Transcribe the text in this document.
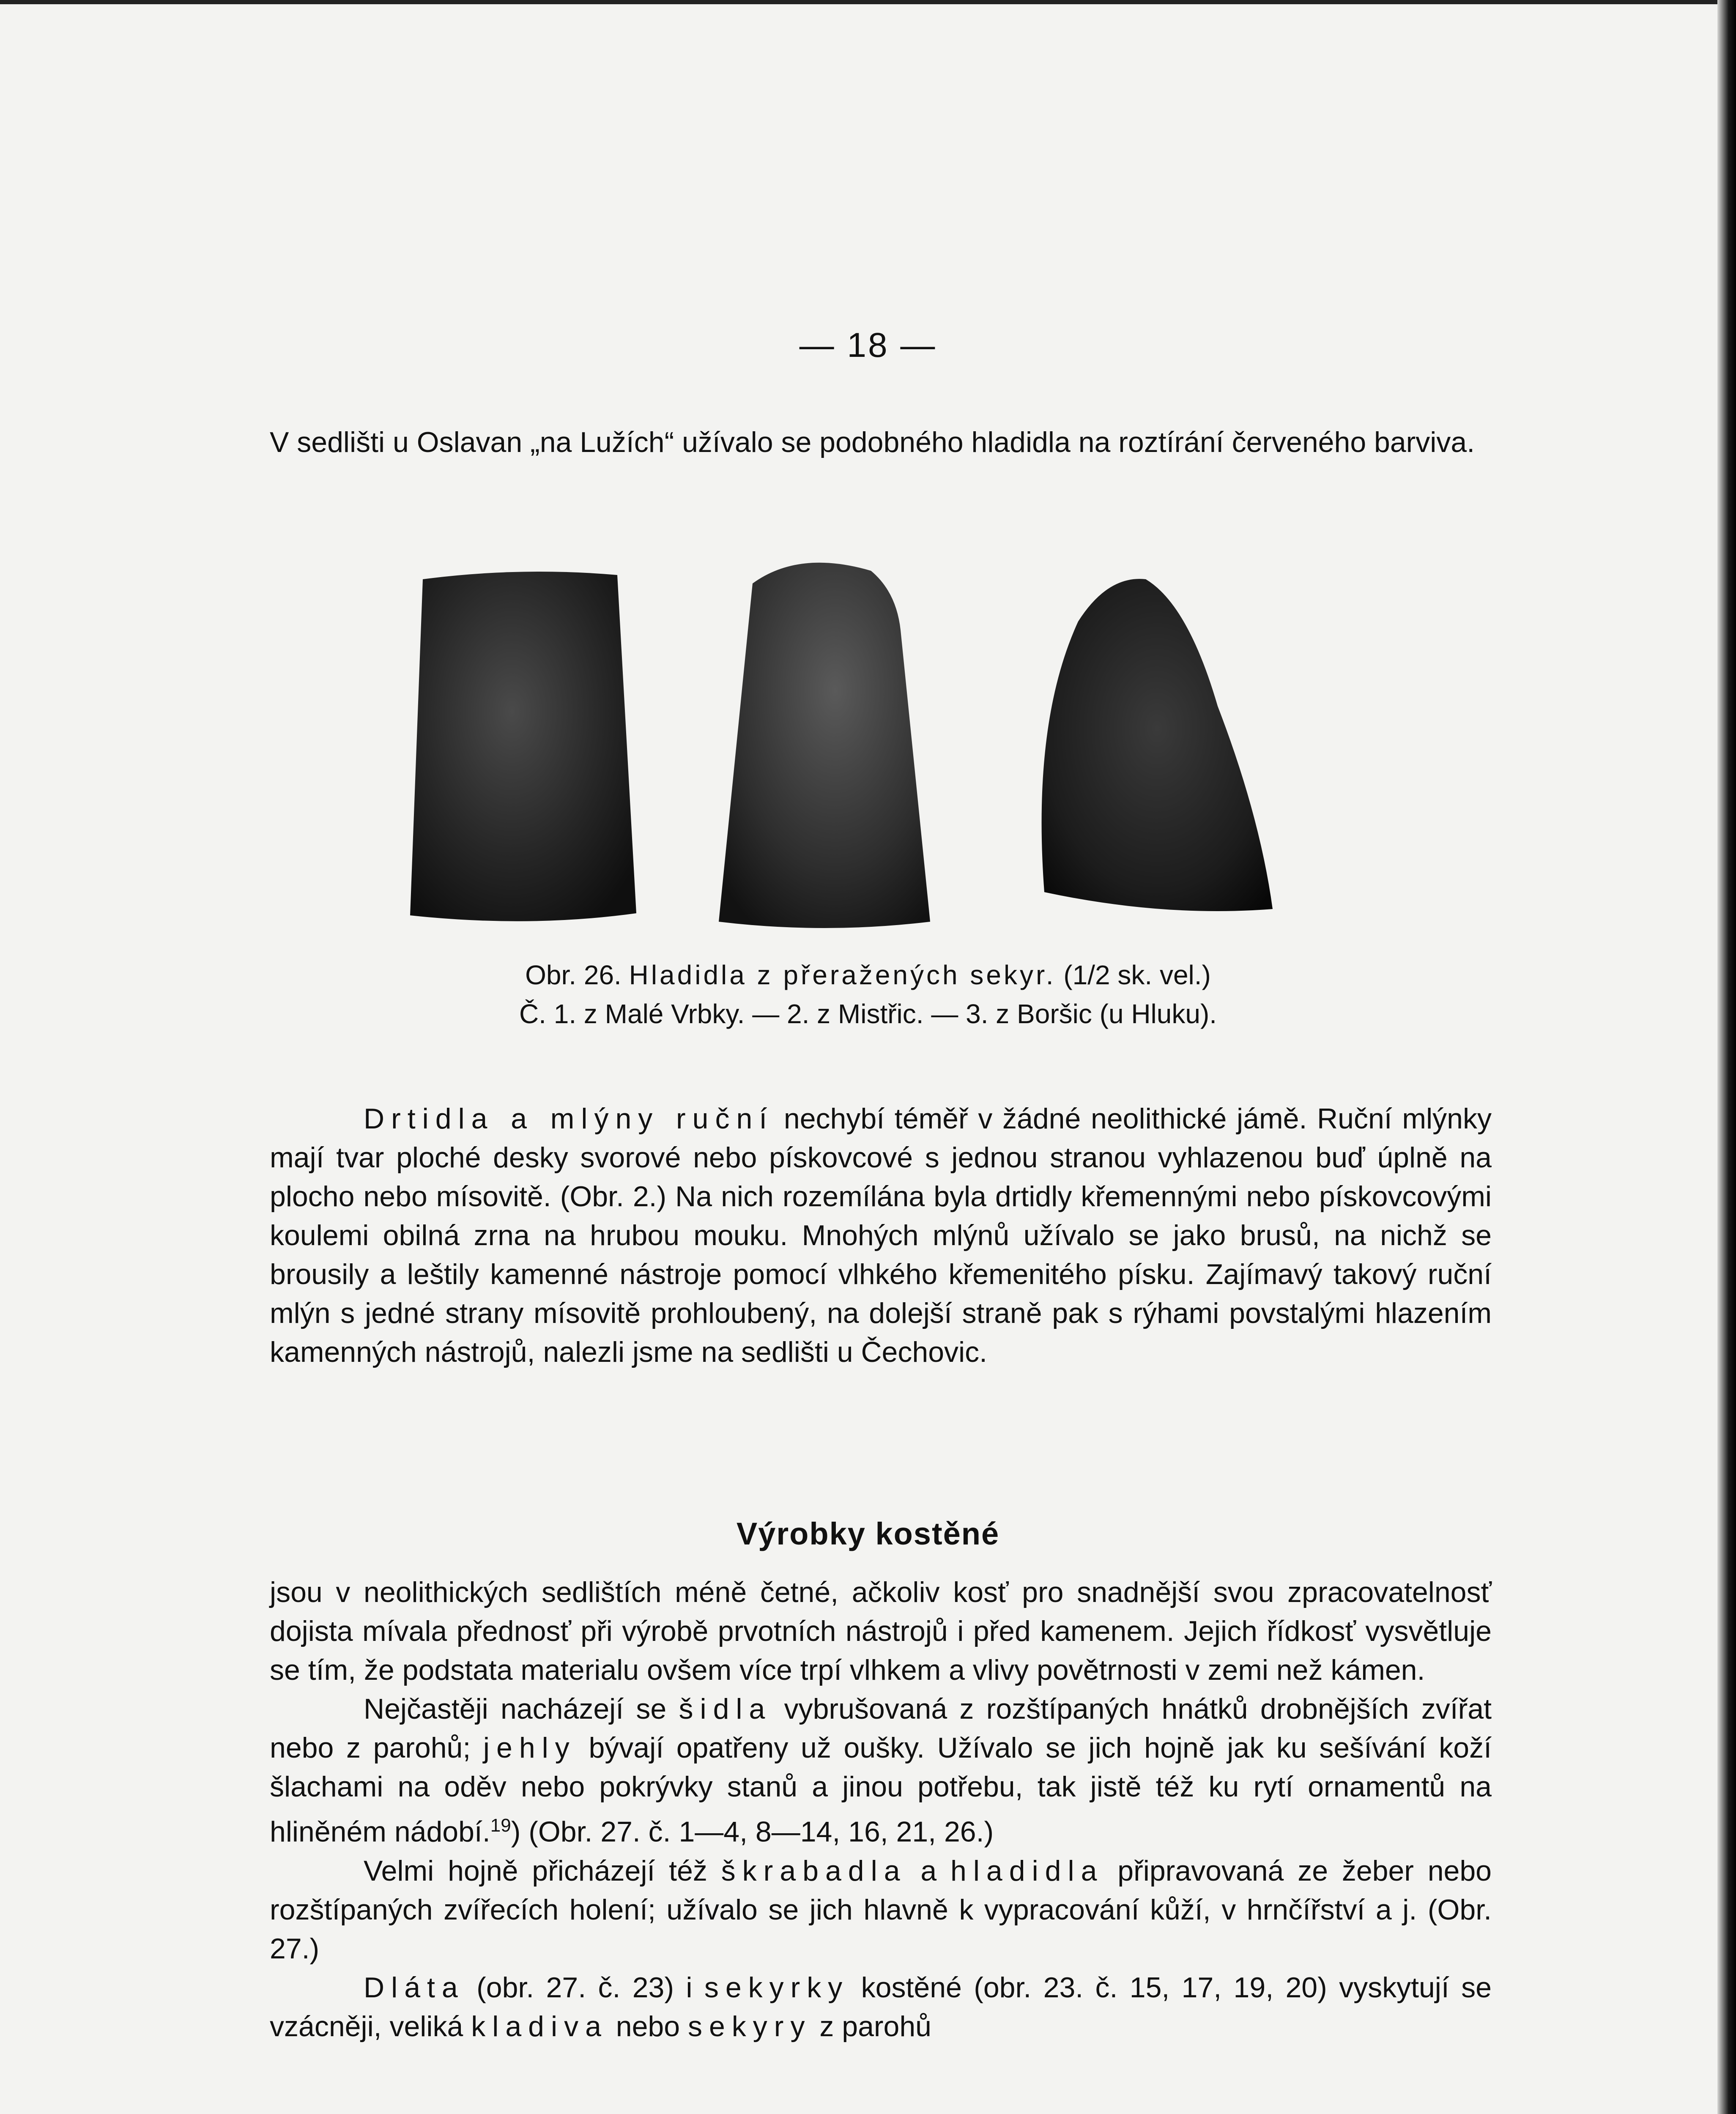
— 18 —

V sedlišti u Oslavan „na Lužích“ užívalo se podobného hladidla na roztírání červeného barviva.

Obr. 26. Hladidla z přeražených sekyr. (1/2 sk. vel.)
Č. 1. z Malé Vrbky. — 2. z Mistřic. — 3. z Boršic (u Hluku).

Drtidla a mlýny ruční nechybí téměř v žádné neolithické jámě. Ruční mlýnky mají tvar ploché desky svorové nebo pískovcové s jednou stranou vyhlazenou buď úplně na plocho nebo mísovitě. (Obr. 2.) Na nich rozemílána byla drtidly křemennými nebo pískovcovými koulemi obilná zrna na hrubou mouku. Mnohých mlýnů užívalo se jako brusů, na nichž se brousily a leštily kamenné nástroje pomocí vlhkého křemenitého písku. Zajímavý takový ruční mlýn s jedné strany mísovitě prohloubený, na dolejší straně pak s rýhami povstalými hlazením kamenných nástrojů, nalezli jsme na sedlišti u Čechovic.

Výrobky kostěné

jsou v neolithických sedlištích méně četné, ačkoliv kosť pro snadnější svou zpracovatelnosť dojista mívala přednosť při výrobě prvotních nástrojů i před kamenem. Jejich řídkosť vysvětluje se tím, že podstata materialu ovšem více trpí vlhkem a vlivy povětrnosti v zemi než kámen.

Nejčastěji nacházejí se šidla vybrušovaná z rozštípaných hnátků drobnějších zvířat nebo z parohů; jehly bývají opatřeny už oušky. Užívalo se jich hojně jak ku sešívání koží šlachami na oděv nebo pokrývky stanů a jinou potřebu, tak jistě též ku rytí ornamentů na hliněném nádobí.$^{19}$) (Obr. 27. č. 1—4, 8—14, 16, 21, 26.)

Velmi hojně přicházejí též škrabadla a hladidla připravovaná ze žeber nebo rozštípaných zvířecích holení; užívalo se jich hlavně k vypracování kůží, v hrnčířství a j. (Obr. 27.)

Dláta (obr. 27. č. 23) i sekyrky kostěné (obr. 23. č. 15, 17, 19, 20) vyskytují se vzácněji, veliká kladiva nebo sekyry z parohů
